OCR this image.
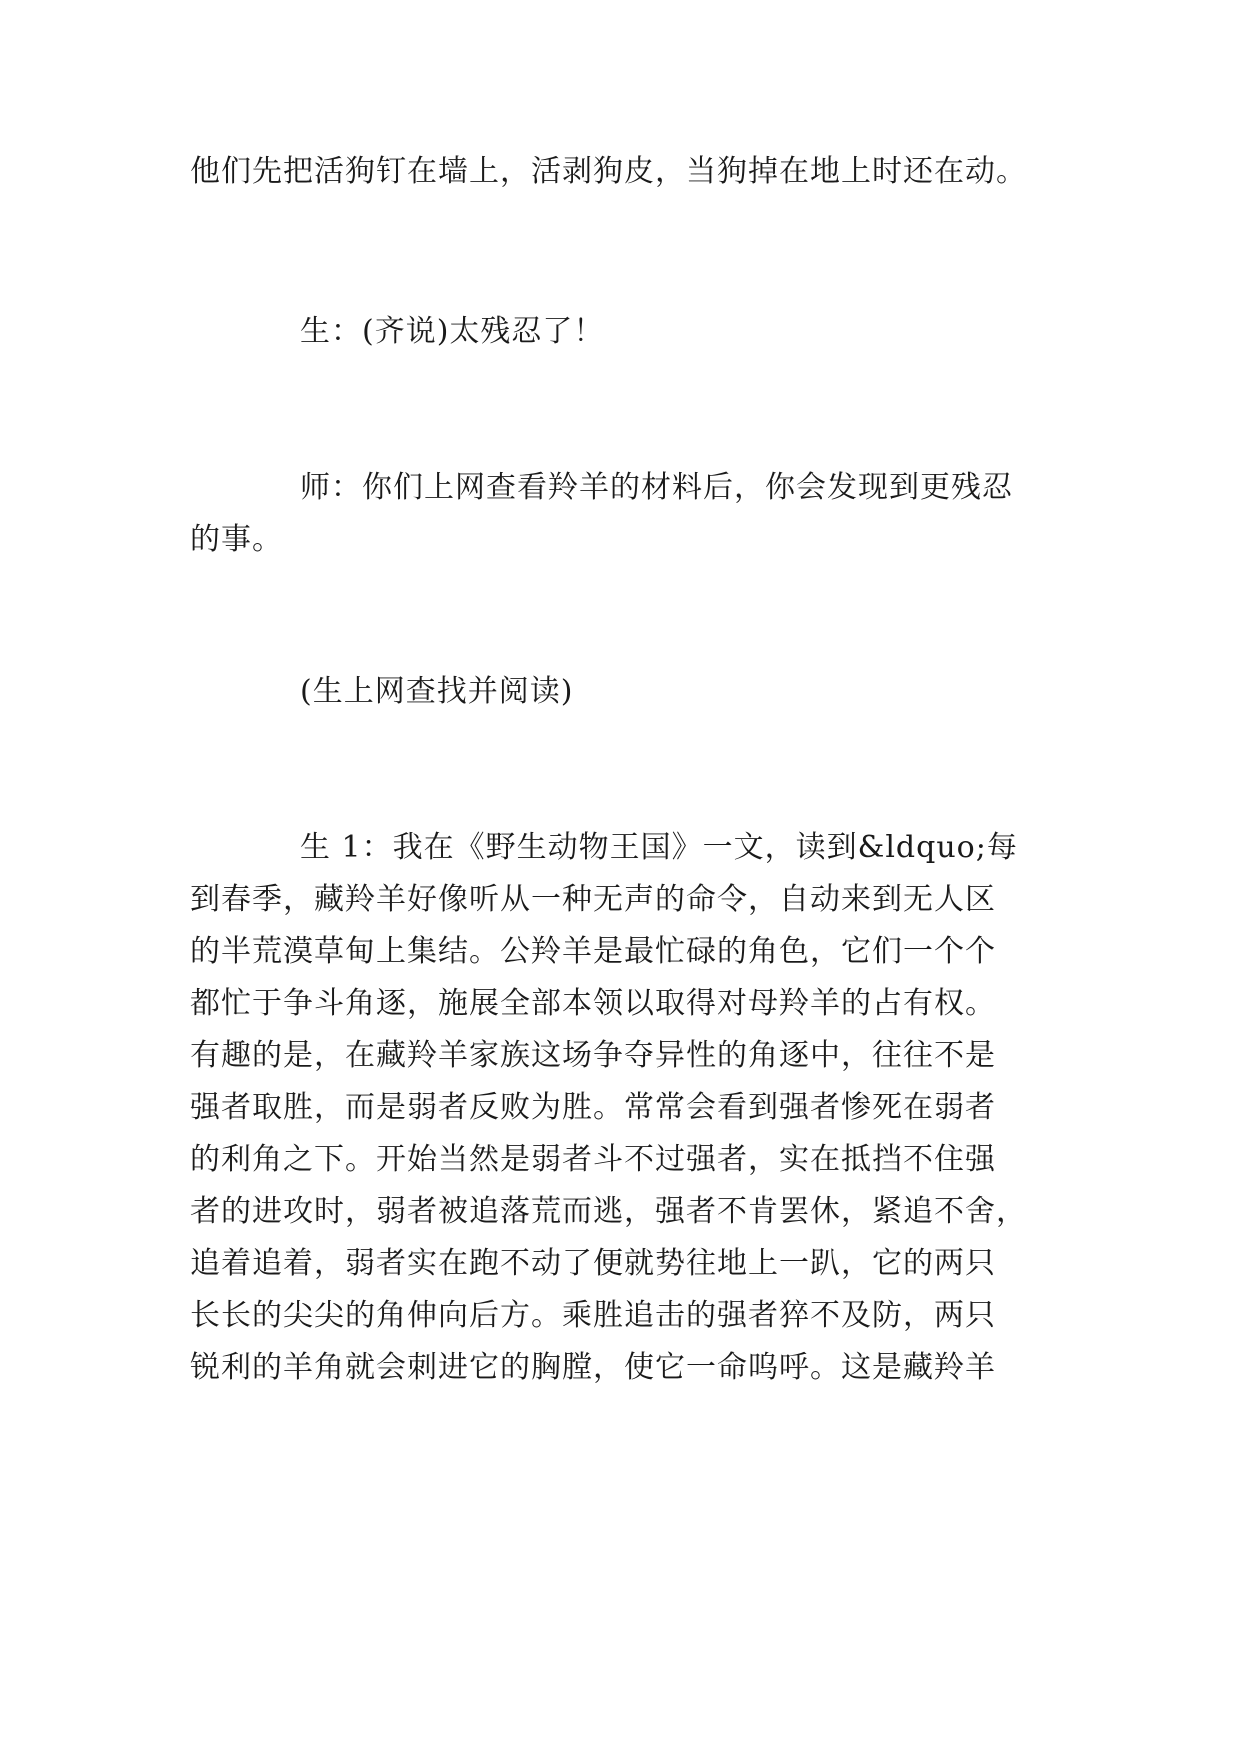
他们先把活狗钉在墙上，活剥狗皮，当狗掉在地上时还在动。
生：(齐说)太残忍了！
师：你们上网查看羚羊的材料后，你会发现到更残忍
的事。
(生上网查找并阅读)
生 1：我在《野生动物王国》一文，读到&ldquo;每
到春季，藏羚羊好像听从一种无声的命令，自动来到无人区
的半荒漠草甸上集结。公羚羊是最忙碌的角色，它们一个个
都忙于争斗角逐，施展全部本领以取得对母羚羊的占有权。
有趣的是，在藏羚羊家族这场争夺异性的角逐中，往往不是
强者取胜，而是弱者反败为胜。常常会看到强者惨死在弱者
的利角之下。开始当然是弱者斗不过强者，实在抵挡不住强
者的进攻时，弱者被追落荒而逃，强者不肯罢休，紧追不舍，
追着追着，弱者实在跑不动了便就势往地上一趴，它的两只
长长的尖尖的角伸向后方。乘胜追击的强者猝不及防，两只
锐利的羊角就会刺进它的胸膛，使它一命呜呼。这是藏羚羊
